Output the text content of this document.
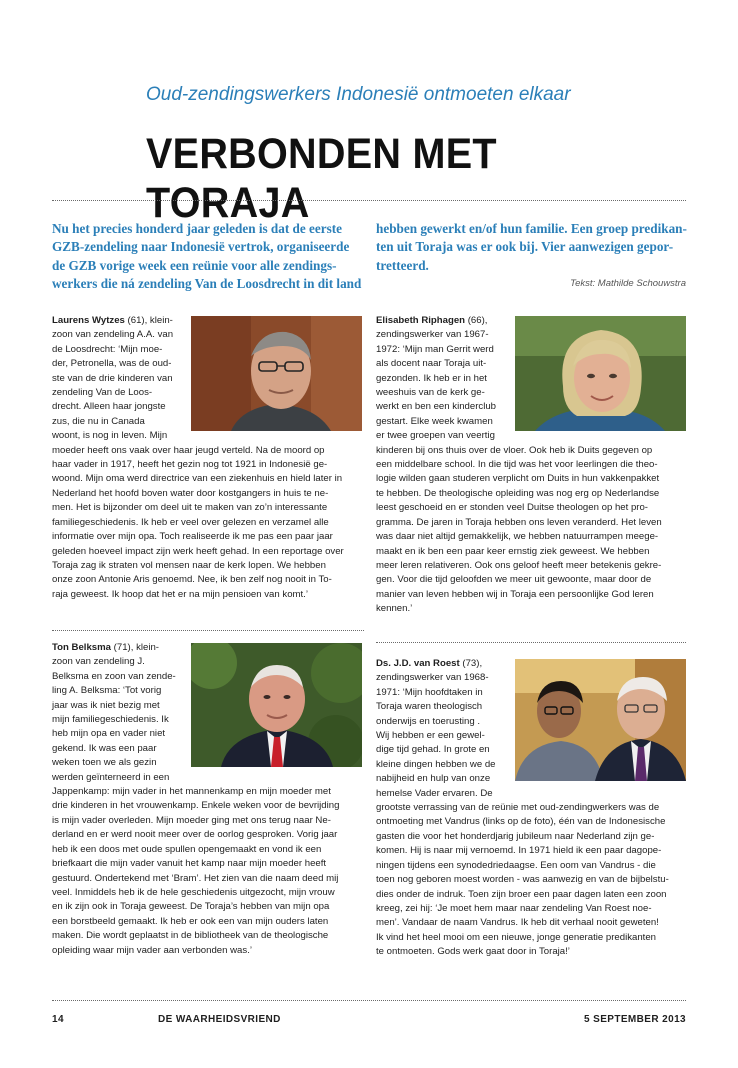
Oud-zendingswerkers Indonesië ontmoeten elkaar
VERBONDEN MET TORAJA
Nu het precies honderd jaar geleden is dat de eerste
GZB-zendeling naar Indonesië vertrok, organiseerde
de GZB vorige week een reünie voor alle zendings-
werkers die ná zendeling Van de Loosdrecht in dit land
hebben gewerkt en/of hun familie. Een groep predikan-
ten uit Toraja was er ook bij. Vier aanwezigen gepor-
tretteerd.
Tekst: Mathilde Schouwstra
Laurens Wytzes (61), klein-
zoon van zendeling A.A. van
de Loosdrecht: ‘Mijn moe-
der, Petronella, was de oud-
ste van de drie kinderen van
zendeling Van de Loos-
drecht. Alleen haar jongste
zus, die nu in Canada
woont, is nog in leven. Mijn
moeder heeft ons vaak over haar jeugd verteld. Na de moord op
haar vader in 1917, heeft het gezin nog tot 1921 in Indonesië ge-
woond. Mijn oma werd directrice van een ziekenhuis en hield later in
Nederland het hoofd boven water door kostgangers in huis te ne-
men. Het is bijzonder om deel uit te maken van zo’n interessante
familiegeschiedenis. Ik heb er veel over gelezen en verzamel alle
informatie over mijn opa. Toch realiseerde ik me pas een paar jaar
geleden hoeveel impact zijn werk heeft gehad. In een reportage over
Toraja zag ik straten vol mensen naar de kerk lopen. We hebben
onze zoon Antonie Aris genoemd. Nee, ik ben zelf nog nooit in To-
raja geweest. Ik hoop dat het er na mijn pensioen van komt.’
Elisabeth Riphagen (66),
zendingswerker van 1967-
1972: ‘Mijn man Gerrit werd
als docent naar Toraja uit-
gezonden. Ik heb er in het
weeshuis van de kerk ge-
werkt en ben een kinderclub
gestart. Elke week kwamen
er twee groepen van veertig
kinderen bij ons thuis over de vloer. Ook heb ik Duits gegeven op
een middelbare school. In die tijd was het voor leerlingen die theo-
logie wilden gaan studeren verplicht om Duits in hun vakkenpakket
te hebben. De theologische opleiding was nog erg op Nederlandse
leest geschoeid en er stonden veel Duitse theologen op het pro-
gramma. De jaren in Toraja hebben ons leven veranderd. Het leven
was daar niet altijd gemakkelijk, we hebben natuurrampen meege-
maakt en ik ben een paar keer ernstig ziek geweest. We hebben
meer leren relativeren. Ook ons geloof heeft meer betekenis gekre-
gen. Voor die tijd geloofden we meer uit gewoonte, maar door de
manier van leven hebben wij in Toraja een persoonlijke God leren
kennen.’
Ton Belksma (71), klein-
zoon van zendeling J.
Belksma en zoon van zende-
ling A. Belksma: ‘Tot vorig
jaar was ik niet bezig met
mijn familiegeschiedenis. Ik
heb mijn opa en vader niet
gekend. Ik was een paar
weken toen we als gezin
werden geïnterneerd in een
Jappenkamp: mijn vader in het mannenkamp en mijn moeder met
drie kinderen in het vrouwenkamp. Enkele weken voor de bevrijding
is mijn vader overleden. Mijn moeder ging met ons terug naar Ne-
derland en er werd nooit meer over de oorlog gesproken. Vorig jaar
heb ik een doos met oude spullen opengemaakt en vond ik een
briefkaart die mijn vader vanuit het kamp naar mijn moeder heeft
gestuurd. Ondertekend met ‘Bram’. Het zien van die naam deed mij
veel. Inmiddels heb ik de hele geschiedenis uitgezocht, mijn vrouw
en ik zijn ook in Toraja geweest. De Toraja’s hebben van mijn opa
een borstbeeld gemaakt. Ik heb er ook een van mijn ouders laten
maken. Die wordt geplaatst in de bibliotheek van de theologische
opleiding waar mijn vader aan verbonden was.’
Ds. J.D. van Roest (73),
zendingswerker van 1968-
1971: ‘Mijn hoofdtaken in
Toraja waren theologisch
onderwijs en toerusting .
Wij hebben er een gewel-
dige tijd gehad. In grote en
kleine dingen hebben we de
nabijheid en hulp van onze
hemelse Vader ervaren. De
grootste verrassing van de reünie met oud-zendingwerkers was de
ontmoeting met Vandrus (links op de foto), één van de Indonesische
gasten die voor het honderdjarig jubileum naar Nederland zijn ge-
komen. Hij is naar mij vernoemd. In 1971 hield ik een paar dagope-
ningen tijdens een synodedriedaagse. Een oom van Vandrus - die
toen nog geboren moest worden - was aanwezig en van de bijbelstu-
dies onder de indruk. Toen zijn broer een paar dagen laten een zoon
kreeg, zei hij: ‘Je moet hem maar naar zendeling Van Roest noe-
men’. Vandaar de naam Vandrus. Ik heb dit verhaal nooit geweten!
Ik vind het heel mooi om een nieuwe, jonge generatie predikanten
te ontmoeten. Gods werk gaat door in Toraja!’
14	DE WAARHEIDSVRIEND	5 SEPTEMBER 2013
